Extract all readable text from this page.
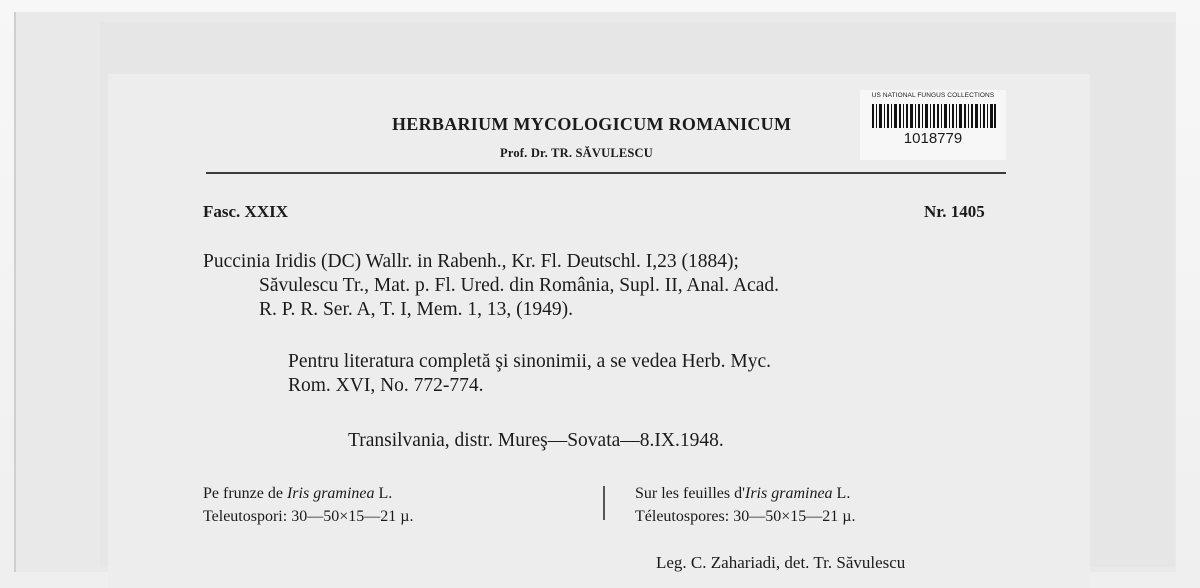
US NATIONAL FUNGUS COLLECTIONS
1018779
HERBARIUM MYCOLOGICUM ROMANICUM
Prof. Dr. TR. SĂVULESCU
Fasc. XXIX	Nr. 1405
Puccinia Iridis (DC) Wallr. in Rabenh., Kr. Fl. Deutschl. I,23 (1884);
Săvulescu Tr., Mat. p. Fl. Ured. din România, Supl. II, Anal. Acad.
R. P. R. Ser. A, T. I, Mem. 1, 13, (1949).
Pentru literatura completă şi sinonimii, a se vedea Herb. Myc.
Rom. XVI, No. 772-774.
Transilvania, distr. Mureş—Sovata—8.IX.1948.
Pe frunze de Iris graminea L.
Teleutospori: 30—50×15—21 µ.
Sur les feuilles d'Iris graminea L.
Téleutospores: 30—50×15—21 µ.
Leg. C. Zahariadi, det. Tr. Săvulescu
